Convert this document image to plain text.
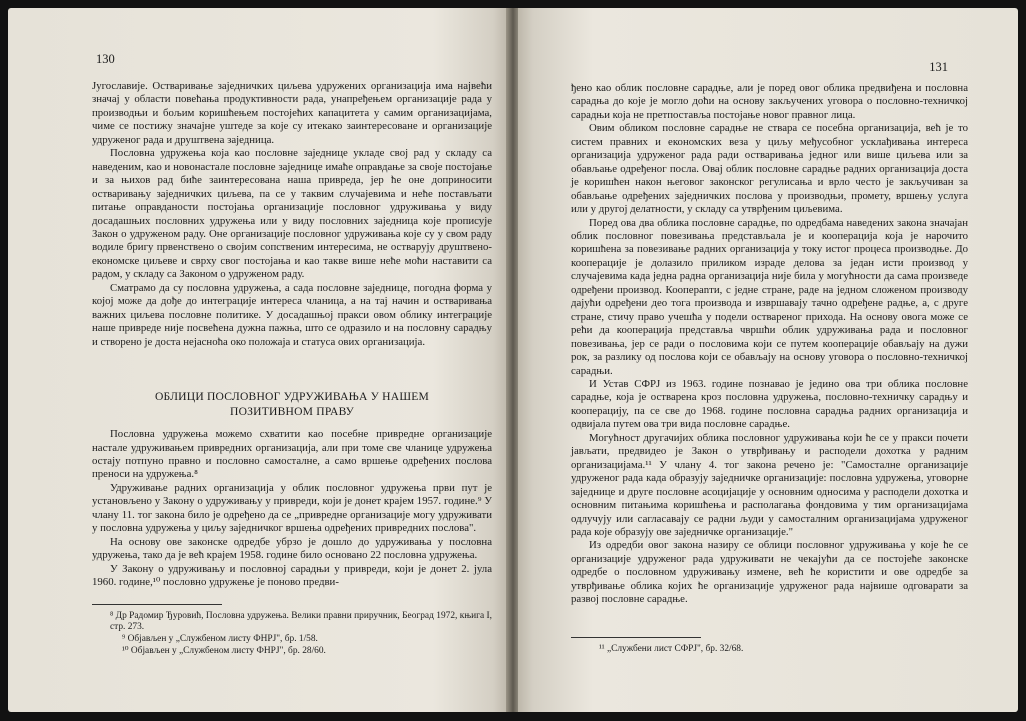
130

Југославије. Остваривање заједничких циљева удружених организација има највећи значај у области повећања продуктивности рада, унапређењем организације рада у производњи и бољим коришћењем постојећих капацитета у самим организацијама, чиме се постижу значајне уштеде за које су итекако заинтересоване и организације удруженог рада и друштвена заједница.

Пословна удружења која као пословне заједнице укладе свој рад у складу са наведеним, као и новонастале пословне заједнице имаће оправдање за своје постојање и за њихов рад биће заинтересована наша привреда, јер ће оне доприносити остваривању заједничких циљева, па се у таквим случајевима и неће постављати питање оправданости постојања организације пословног удруживања у виду досадашњих пословних удружења или у виду пословних заједница које прописује Закон о удруженом раду. Оне организације пословног удруживања које су у свом раду водиле бригу првенствено о својим сопственим интересима, не остварују друштвено-економске циљеве и сврху свог постојања и као такве више неће моћи наставити са радом, у складу са Законом о удруженом раду.

Сматрамо да су пословна удружења, а сада пословне заједнице, погодна форма у којој може да дође до интеграције интереса чланица, а на тај начин и остваривања важних циљева пословне политике. У досадашњој пракси овом облику интеграције наше привреде није посвећена дужна пажња, што се одразило и на пословну сарадњу и створено је доста нејасноћа око положаја и статуса ових организација.

ОБЛИЦИ ПОСЛОВНОГ УДРУЖИВАЊА У НАШЕМ
ПОЗИТИВНОМ ПРАВУ

Пословна удружења можемо схватити као посебне привредне организације настале удруживањем привредних организација, али при томе све чланице удружења остају потпуно правно и пословно самосталне, а само вршење одређених послова преноси на удружења.⁸

Удруживање радних организација у облик пословног удружења први пут је установљено у Закону о удруживању у привреди, који је донет крајем 1957. године.⁹ У члану 11. тог закона било је одређено да се „привредне организације могу удруживати у пословна удружења у циљу заједничког вршења одређених привредних послова".

На основу ове законске одредбе убрзо је дошло до удруживања у пословна удружења, тако да је већ крајем 1958. године било основано 22 пословна удружења.

У Закону о удруживању и пословној сарадњи у привреди, који је донет 2. јула 1960. године,¹⁰ пословно удружење је поново предви-

⁸ Др Радомир Ђуровић, Пословна удружења. Велики правни приручник, Београд 1972, књига I, стр. 273.
⁹ Објављен у „Службеном листу ФНРЈ", бр. 1/58.
¹⁰ Објављен у „Службеном листу ФНРЈ", бр. 28/60.
131

ђено као облик пословне сарадње, али је поред овог облика предвиђена и пословна сарадња до које је могло доћи на основу закључених уговора о пословно-техничкој сарадњи која не претпоставља постојање новог правног лица.

Овим обликом пословне сарадње не ствара се посебна организација, већ је то систем правних и економских веза у циљу међусобног усклађивања интереса организација удруженог рада ради остваривања једног или више циљева или за обављање одређеног посла. Овај облик пословне сарадње радних организација доста је коришћен након његовог законског регулисања и врло често је закључиван за обављање одређених заједничких послова у производњи, промету, вршењу услуга или у другој делатности, у складу са утврђеним циљевима.

Поред ова два облика пословне сарадње, по одредбама наведених закона значајан облик пословног повезивања представљала је и кооперација која је нарочито коришћена за повезивање радних организација у току истог процеса производње. До кооперације је долазило приликом израде делова за један исти производ у случајевима када једна радна организација није била у могућности да сама произведе одређени производ. Коопераnти, с једне стране, раде на једном сложеном производу дајући одређени део тога производа и извршавају тачно одређене радње, а, с друге стране, стичу право учешћа у подели оствареног прихода. На основу овога може се рећи да кооперација представља чвршћи облик удруживања рада и пословног повезивања, јер се ради о пословима који се путем кооперације обављају на дужи рок, за разлику од послова који се обављају на основу уговора о пословно-техничкој сарадњи.

И Устав СФРЈ из 1963. године познавао је једино ова три облика пословне сарадње, која је остварена кроз пословна удружења, пословно-техничку сарадњу и кооперацију, па се све до 1968. године пословна сарадња радних организација и одвијала путем ова три вида пословне сарадње.

Могућност другачијих облика пословног удруживања који ће се у пракси почети јављати, предвидео је Закон о утврђивању и расподели дохотка у радним организацијама.¹¹ У члану 4. тог закона речено је: "Самосталне организације удруженог рада када образују заједничке организације: пословна удружења, уговорне заједнице и друге пословне асоцијације у основним односима у расподели дохотка и основним питањима коришћења и располагања фондовима у тим организацијама одлучују или сагласавају се радни људи у самосталним организацијама удруженог рада које образују ове заједничке организације."

Из одредби овог закона назиру се облици пословног удруживања у које ће се организације удруженог рада удруживати не чекајући да се постојеће законске одредбе о пословном удруживању измене, већ ће користити и ове одредбе за утврђивање облика којих ће организације удруженог рада највише одговарати за развој пословне сарадње.

¹¹ „Службени лист СФРЈ", бр. 32/68.
